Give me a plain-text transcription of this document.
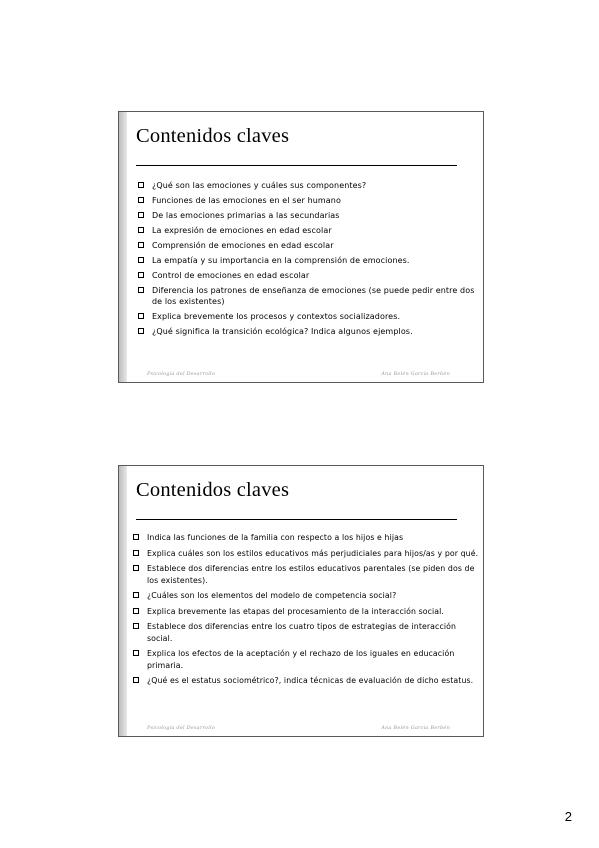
Contenidos claves
¿Qué son las emociones y cuáles sus componentes?
Funciones de las emociones en el ser humano
De las emociones primarias a las secundarias
La expresión de emociones en edad escolar
Comprensión de emociones en edad escolar
La empatía y su importancia en la comprensión de emociones.
Control de emociones en edad escolar
Diferencia los patrones de enseñanza de emociones (se puede pedir entre dos de los existentes)
Explica brevemente los procesos y contextos socializadores.
¿Qué significa la transición ecológica? Indica algunos ejemplos.
Psicología del Desarrollo	Ana Belén García Berbén
Contenidos claves
Indica las funciones de la familia con respecto a los hijos e hijas
Explica cuáles son los estilos educativos más perjudiciales para hijos/as y por qué.
Establece dos diferencias entre los estilos educativos parentales (se piden dos de los existentes).
¿Cuáles son los elementos del modelo de competencia social?
Explica brevemente las etapas del procesamiento de la interacción social.
Establece dos diferencias entre los cuatro tipos de estrategias de interacción social.
Explica los efectos de la aceptación y el rechazo de los iguales en educación primaria.
¿Qué es el estatus sociométrico?, indica técnicas de evaluación de dicho estatus.
Psicología del Desarrollo	Ana Belén García Berbén
2
